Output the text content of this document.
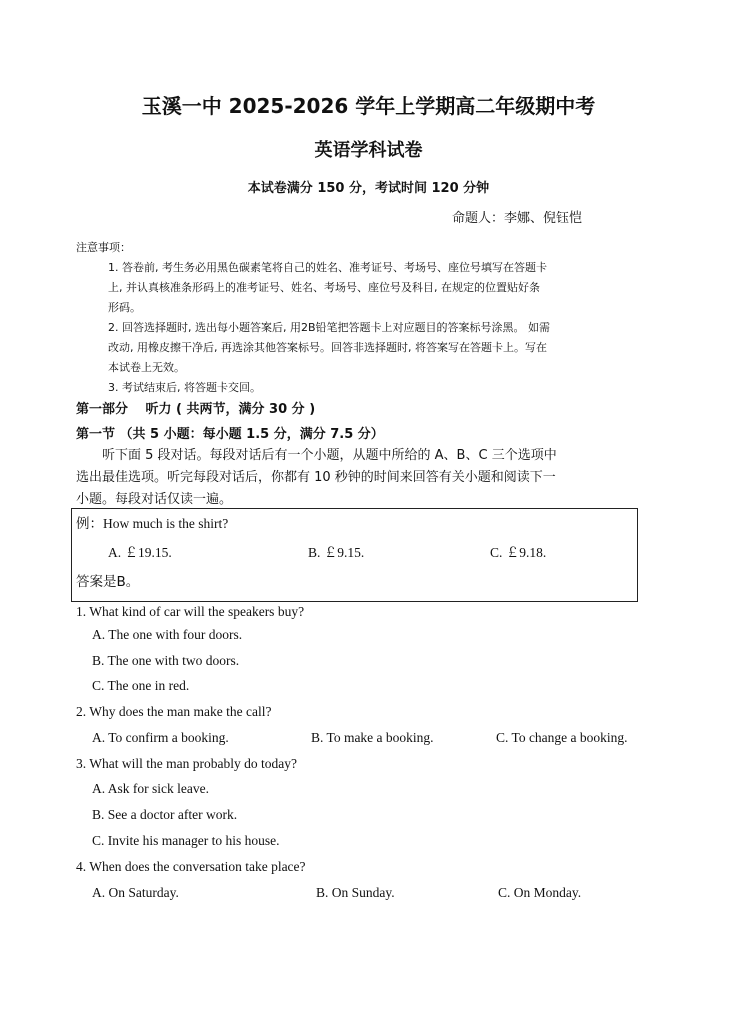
玉溪一中 2025-2026 学年上学期高二年级期中考
英语学科试卷
本试卷满分 150 分，考试时间 120 分钟
命题人：李娜、倪钰恺
注意事项：
1. 答卷前, 考生务必用黑色碳素笔将自己的姓名、准考证号、考场号、座位号填写在答题卡
上, 并认真核准条形码上的准考证号、姓名、考场号、座位号及科目, 在规定的位置贴好条
形码。
2. 回答选择题时, 选出每小题答案后, 用2B铅笔把答题卡上对应题目的答案标号涂黑。 如需
改动, 用橡皮擦干净后, 再选涂其他答案标号。回答非选择题时, 将答案写在答题卡上。写在
本试卷上无效。
3. 考试结束后, 将答题卡交回。
第一部分　 听力 ( 共两节，满分 30 分 )
第一节 （共 5 小题：每小题 1.5 分，满分 7.5 分）
听下面 5 段对话。每段对话后有一个小题，从题中所给的 A、B、C 三个选项中
选出最佳选项。听完每段对话后，你都有 10 秒钟的时间来回答有关小题和阅读下一
小题。每段对话仅读一遍。
例：How much is the shirt?
A. ￡19.15.	B. ￡9.15.	C. ￡9.18.
答案是B。
1. What kind of car will the speakers buy?
A. The one with four doors.
B. The one with two doors.
C. The one in red.
2. Why does the man make the call?
A. To confirm a booking.	B. To make a booking.	C. To change a booking.
3. What will the man probably do today?
A. Ask for sick leave.
B. See a doctor after work.
C. Invite his manager to his house.
4. When does the conversation take place?
A. On Saturday.	B. On Sunday.	C. On Monday.
